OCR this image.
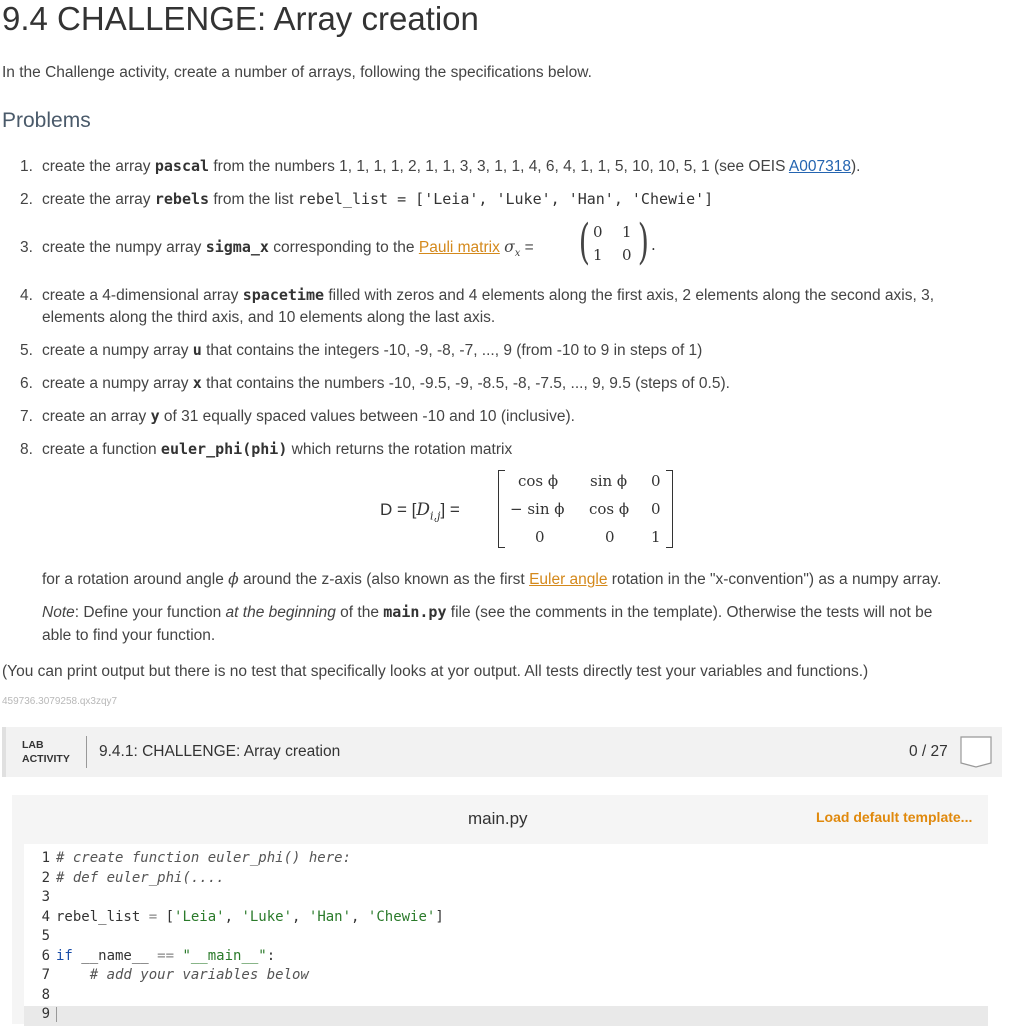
9.4 CHALLENGE: Array creation
In the Challenge activity, create a number of arrays, following the specifications below.
Problems
1. create the array pascal from the numbers 1, 1, 1, 1, 2, 1, 1, 3, 3, 1, 1, 4, 6, 4, 1, 1, 5, 10, 10, 5, 1 (see OEIS A007318).
2. create the array rebels from the list rebel_list = ['Leia', 'Luke', 'Han', 'Chewie']
3. create the numpy array sigma_x corresponding to the Pauli matrix $\sigma_x$ = ( 0 1
1 0 ) .
4. create a 4-dimensional array spacetime filled with zeros and 4 elements along the first axis, 2 elements along the second axis, 3,
elements along the third axis, and 10 elements along the last axis.
5. create a numpy array u that contains the integers -10, -9, -8, -7, ..., 9 (from -10 to 9 in steps of 1)
6. create a numpy array x that contains the numbers -10, -9.5, -9, -8.5, -8, -7.5, ..., 9, 9.5 (steps of 0.5).
7. create an array y of 31 equally spaced values between -10 and 10 (inclusive).
8. create a function euler_phi(phi) which returns the rotation matrix
$D = [D_{i,j}]$ =
cos ϕ sin ϕ 0
− sin ϕ cos ϕ 0
0	0 1
for a rotation around angle ϕ around the z-axis (also known as the first Euler angle rotation in the "x-convention") as a numpy array.
Note: Define your function at the beginning of the main.py file (see the comments in the template). Otherwise the tests will not be
able to find your function.
(You can print output but there is no test that specifically looks at yor output. All tests directly test your variables and functions.)
459736.3079258.qx3zqy7
LAB
ACTIVITY 9.4.1: CHALLENGE: Array creation	0 / 27
main.py	Load default template...
1 # create function euler_phi() here:
2 # def euler_phi(....
3
4 rebel_list = ['Leia', 'Luke', 'Han', 'Chewie']
5
6 if __name__ == "__main__":
7	# add your variables below
8
9
